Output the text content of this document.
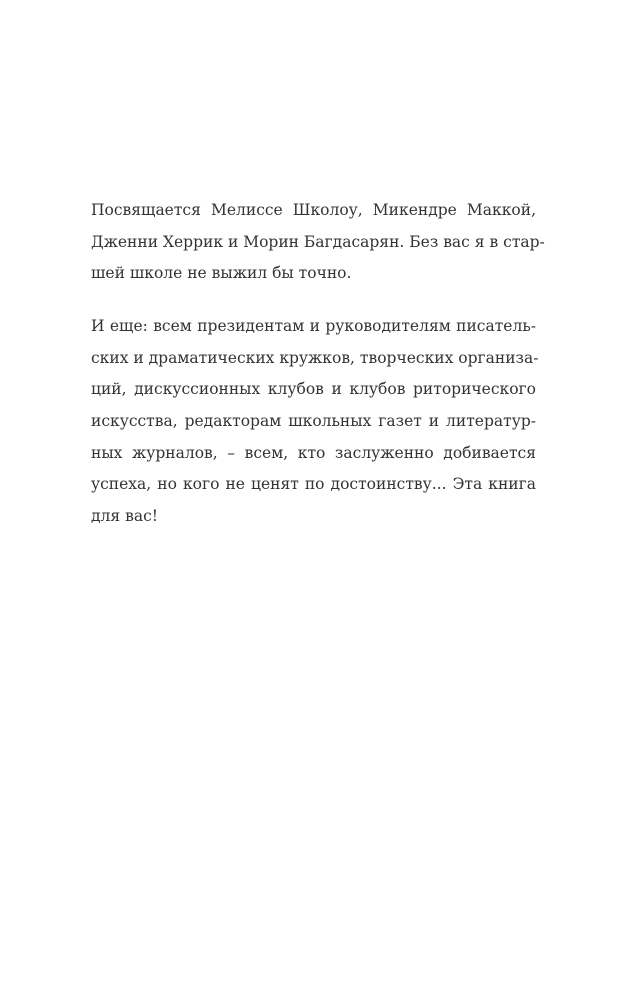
Посвящается Мелиссе Школоу, Микендре Маккой,
Дженни Херрик и Морин Багдасарян. Без вас я в стар-
шей школе не выжил бы точно.
И еще: всем президентам и руководителям писатель-
ских и драматических кружков, творческих организа-
ций, дискуссионных клубов и клубов риторического
искусства, редакторам школьных газет и литератур-
ных журналов, – всем, кто заслуженно добивается
успеха, но кого не ценят по достоинству... Эта книга
для вас!
